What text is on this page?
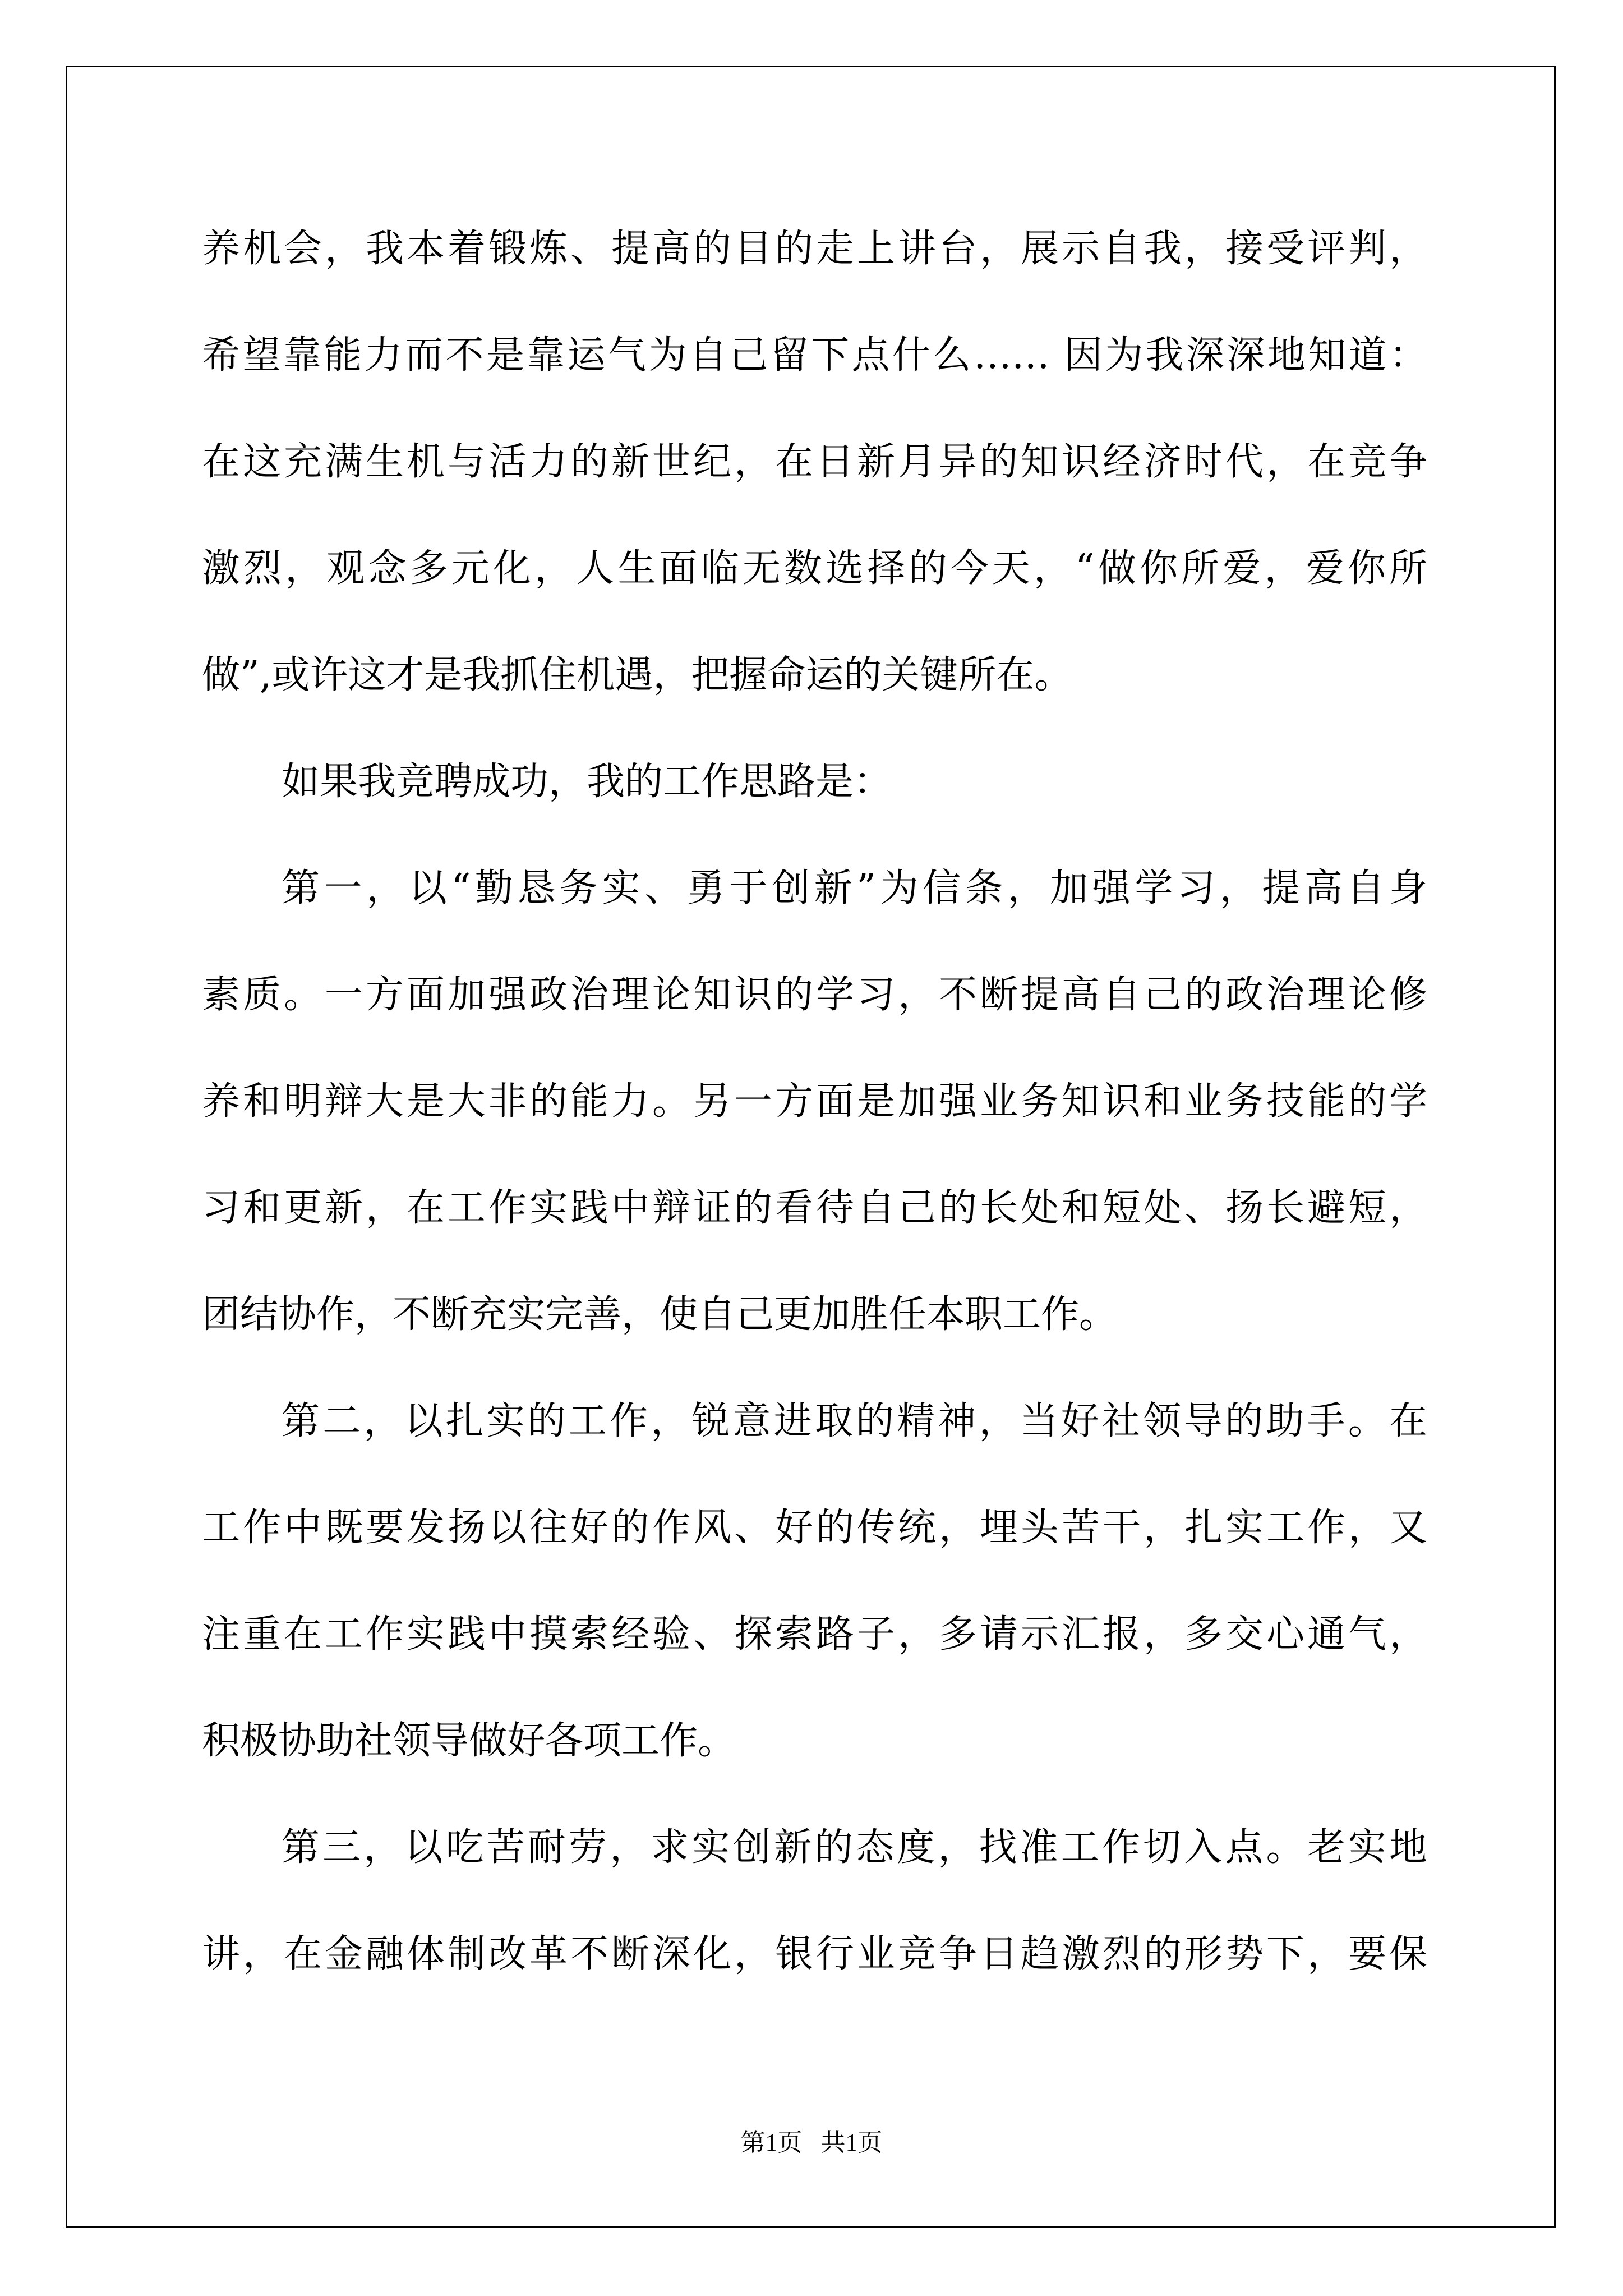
养机会，我本着锻炼、提高的目的走上讲台，展示自我，接受评判，
希望靠能力而不是靠运气为自己留下点什么…… 因为我深深地知道：
在这充满生机与活力的新世纪，在日新月异的知识经济时代，在竞争
激烈，观念多元化，人生面临无数选择的今天，“做你所爱，爱你所
做”,或许这才是我抓住机遇，把握命运的关键所在。
如果我竞聘成功，我的工作思路是：
第一，以“勤恳务实、勇于创新”为信条，加强学习，提高自身
素质。一方面加强政治理论知识的学习，不断提高自己的政治理论修
养和明辩大是大非的能力。另一方面是加强业务知识和业务技能的学
习和更新，在工作实践中辩证的看待自己的长处和短处、扬长避短，
团结协作，不断充实完善，使自己更加胜任本职工作。
第二，以扎实的工作，锐意进取的精神，当好社领导的助手。在
工作中既要发扬以往好的作风、好的传统，埋头苦干，扎实工作，又
注重在工作实践中摸索经验、探索路子，多请示汇报，多交心通气，
积极协助社领导做好各项工作。
第三，以吃苦耐劳，求实创新的态度，找准工作切入点。老实地
讲，在金融体制改革不断深化，银行业竞争日趋激烈的形势下，要保
第1页   共1页
